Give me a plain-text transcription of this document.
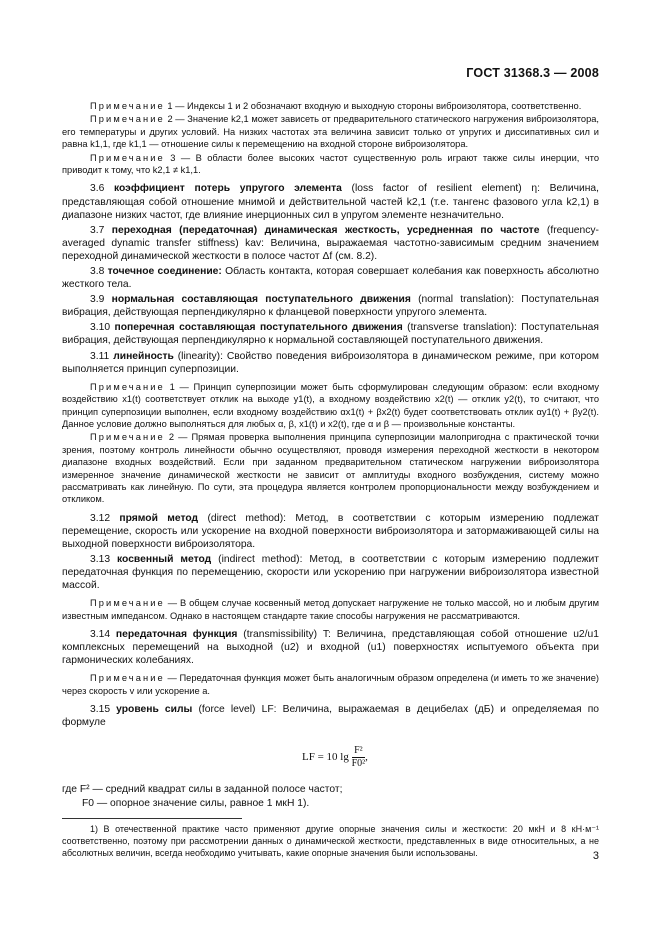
ГОСТ 31368.3 — 2008

Примечание 1 — Индексы 1 и 2 обозначают входную и выходную стороны виброизолятора, соответственно.

Примечание 2 — Значение k2,1 может зависеть от предварительного статического нагружения виброизолятора, его температуры и других условий. На низких частотах эта величина зависит только от упругих и диссипативных сил и равна k1,1, где k1,1 — отношение силы к перемещению на входной стороне виброизолятора.

Примечание 3 — В области более высоких частот существенную роль играют также силы инерции, что приводит к тому, что k2,1 ≠ k1,1.

3.6 коэффициент потерь упругого элемента (loss factor of resilient element) η: Величина, представляющая собой отношение мнимой и действительной частей k2,1 (т.е. тангенс фазового угла k2,1) в диапазоне низких частот, где влияние инерционных сил в упругом элементе незначительно.

3.7 переходная (передаточная) динамическая жесткость, усредненная по частоте (frequency-averaged dynamic transfer stiffness) kav: Величина, выражаемая частотно-зависимым средним значением переходной динамической жесткости в полосе частот Δf (см. 8.2).

3.8 точечное соединение: Область контакта, которая совершает колебания как поверхность абсолютно жесткого тела.

3.9 нормальная составляющая поступательного движения (normal translation): Поступательная вибрация, действующая перпендикулярно к фланцевой поверхности упругого элемента.

3.10 поперечная составляющая поступательного движения (transverse translation): Поступательная вибрация, действующая перпендикулярно к нормальной составляющей поступательного движения.

3.11 линейность (linearity): Свойство поведения виброизолятора в динамическом режиме, при котором выполняется принцип суперпозиции.

Примечание 1 — Принцип суперпозиции может быть сформулирован следующим образом: если входному воздействию x1(t) соответствует отклик на выходе y1(t), а входному воздействию x2(t) — отклик y2(t), то считают, что принцип суперпозиции выполнен, если входному воздействию αx1(t) + βx2(t) будет соответствовать отклик αy1(t) + βy2(t). Данное условие должно выполняться для любых α, β, x1(t) и x2(t), где α и β — произвольные константы.

Примечание 2 — Прямая проверка выполнения принципа суперпозиции малопригодна с практической точки зрения, поэтому контроль линейности обычно осуществляют, проводя измерения переходной жесткости в некотором диапазоне входных воздействий. Если при заданном предварительном статическом нагружении виброизолятора измеренное значение динамической жесткости не зависит от амплитуды входного возбуждения, систему можно рассматривать как линейную. По сути, эта процедура является контролем пропорциональности между возбуждением и откликом.

3.12 прямой метод (direct method): Метод, в соответствии с которым измерению подлежат перемещение, скорость или ускорение на входной поверхности виброизолятора и затормаживающей силы на выходной поверхности виброизолятора.

3.13 косвенный метод (indirect method): Метод, в соответствии с которым измерению подлежит передаточная функция по перемещению, скорости или ускорению при нагружении виброизолятора известной массой.

Примечание — В общем случае косвенный метод допускает нагружение не только массой, но и любым другим известным импедансом. Однако в настоящем стандарте такие способы нагружения не рассматриваются.

3.14 передаточная функция (transmissibility) T: Величина, представляющая собой отношение u2/u1 комплексных перемещений на выходной (u2) и входной (u1) поверхностях испытуемого объекта при гармонических колебаниях.

Примечание — Передаточная функция может быть аналогичным образом определена (и иметь то же значение) через скорость v или ускорение a.

3.15 уровень силы (force level) LF: Величина, выражаемая в децибелах (дБ) и определяемая по формуле

LF = 10 $\lg \frac{\text{F²}}{\text{F0²}}$ ,

где F² — средний квадрат силы в заданной полосе частот;

F0 — опорное значение силы, равное 1 мкН 1).

1) В отечественной практике часто применяют другие опорные значения силы и жесткости: 20 мкН и 8 кН·м⁻¹ соответственно, поэтому при рассмотрении данных о динамической жесткости, представленных в виде относительных, а не абсолютных величин, всегда необходимо учитывать, какие опорные значения были использованы.	3
